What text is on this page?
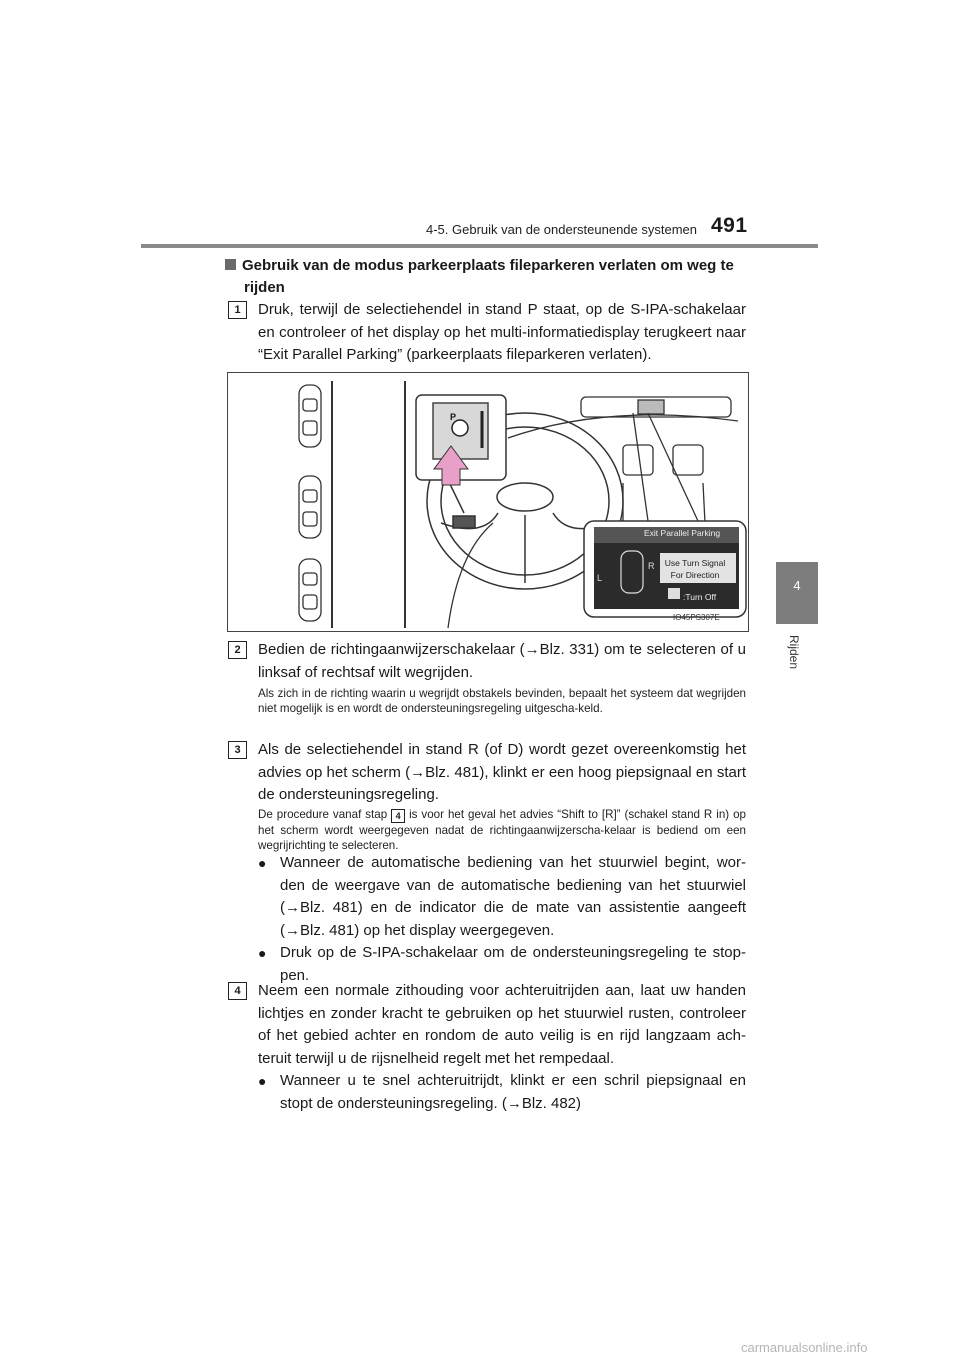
4-5. Gebruik van de ondersteunende systemen 491
4
Rijden
Gebruik van de modus parkeerplaats fileparkeren verlaten om weg te

rijden
1	Druk, terwijl de selectiehendel in stand P staat, op de S-IPA-schakelaar en controleer of het display op het multi-informatiedisplay terugkeert naar “Exit Parallel Parking” (parkeerplaats fileparkeren verlaten).
P
L
R
Exit Parallel Parking
Use Turn Signal
For Direction
:Turn Off
IO45PS307E
2	Bedien de richtingaanwijzerschakelaar (→Blz. 331) om te selecteren of u linksaf of rechtsaf wilt wegrijden.
Als zich in de richting waarin u wegrijdt obstakels bevinden, bepaalt het systeem dat wegrijden niet mogelijk is en wordt de ondersteuningsregeling uitgescha-keld.
3	Als de selectiehendel in stand R (of D) wordt gezet overeenkomstig het advies op het scherm (→Blz. 481), klinkt er een hoog piepsignaal en start de ondersteuningsregeling.
De procedure vanaf stap 4 is voor het geval het advies “Shift to [R]” (schakel stand R in) op het scherm wordt weergegeven nadat de richtingaanwijzerscha-kelaar is bediend om een wegrijrichting te selecteren.
● Wanneer de automatische bediening van het stuurwiel begint, wor-den de weergave van de automatische bediening van het stuurwiel (→Blz. 481) en de indicator die de mate van assistentie aangeeft (→Blz. 481) op het display weergegeven.
● Druk op de S-IPA-schakelaar om de ondersteuningsregeling te stop-pen.
4	Neem een normale zithouding voor achteruitrijden aan, laat uw handen lichtjes en zonder kracht te gebruiken op het stuurwiel rusten, controleer of het gebied achter en rondom de auto veilig is en rijd langzaam ach-teruit terwijl u de rijsnelheid regelt met het rempedaal.
● Wanneer u te snel achteruitrijdt, klinkt er een schril piepsignaal en stopt de ondersteuningsregeling. (→Blz. 482)
carmanualsonline.info
